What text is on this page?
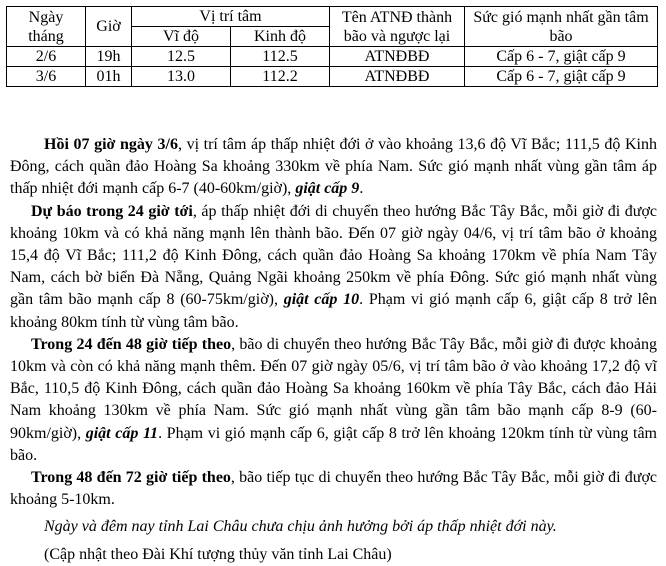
Ngày tháng	Giờ	Vị trí tâm		Tên ATNĐ thành bão và ngược lại	Sức gió mạnh nhất gần tâm bão
		Vĩ độ	Kinh độ		
2/6	19h	12.5	112.5	ATNĐBĐ	Cấp 6 - 7, giật cấp 9
3/6	01h	13.0	112.2	ATNĐBĐ	Cấp 6 - 7, giật cấp 9

Hồi 07 giờ ngày 3/6, vị trí tâm áp thấp nhiệt đới ở vào khoảng 13,6 độ Vĩ Bắc; 111,5 độ Kinh Đông, cách quần đảo Hoàng Sa khoảng 330km về phía Nam. Sức gió mạnh nhất vùng gần tâm áp thấp nhiệt đới mạnh cấp 6-7 (40-60km/giờ), giật cấp 9.

Dự báo trong 24 giờ tới, áp thấp nhiệt đới di chuyển theo hướng Bắc Tây Bắc, mỗi giờ đi được khoảng 10km và có khả năng mạnh lên thành bão. Đến 07 giờ ngày 04/6, vị trí tâm bão ở khoảng 15,4 độ Vĩ Bắc; 111,2 độ Kinh Đông, cách quần đảo Hoàng Sa khoảng 170km về phía Nam Tây Nam, cách bờ biển Đà Nẵng, Quảng Ngãi khoảng 250km về phía Đông. Sức gió mạnh nhất vùng gần tâm bão mạnh cấp 8 (60-75km/giờ), giật cấp 10. Phạm vi gió mạnh cấp 6, giật cấp 8 trở lên khoảng 80km tính từ vùng tâm bão.

Trong 24 đến 48 giờ tiếp theo, bão di chuyển theo hướng Bắc Tây Bắc, mỗi giờ đi được khoảng 10km và còn có khả năng mạnh thêm. Đến 07 giờ ngày 05/6, vị trí tâm bão ở vào khoảng 17,2 độ vĩ Bắc, 110,5 độ Kinh Đông, cách quần đảo Hoàng Sa khoảng 160km về phía Tây Bắc, cách đảo Hải Nam khoảng 130km về phía Nam. Sức gió mạnh nhất vùng gần tâm bão mạnh cấp 8-9 (60-90km/giờ), giật cấp 11. Phạm vi gió mạnh cấp 6, giật cấp 8 trở lên khoảng 120km tính từ vùng tâm bão.

Trong 48 đến 72 giờ tiếp theo, bão tiếp tục di chuyển theo hướng Bắc Tây Bắc, mỗi giờ đi được khoảng 5-10km.

Ngày và đêm nay tỉnh Lai Châu chưa chịu ảnh hưởng bởi áp thấp nhiệt đới này.

(Cập nhật theo Đài Khí tượng thủy văn tỉnh Lai Châu)
